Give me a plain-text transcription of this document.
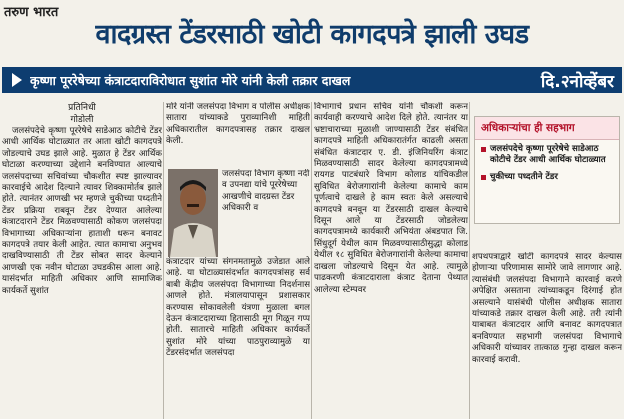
तरुण भारत
वादग्रस्त टेंडरसाठी खोटी कागदपत्रे झाली उघड
कृष्णा पूररेषेच्या कंत्राटदाराविरोधात सुशांत मोरे यांनी केली तक्रार दाखल	दि.२नोव्हेंबर
प्रतिनिधी
गोडोली

जलसंपदेचे कृष्णा पूररेषेचे साडेआठ कोटीचे टेंडर आधी आर्थिक घोटाळ्यात तर आता खोटी कागदपत्रे जोडल्याचे उघड झाले आहे. मुळात हे टेंडर आर्थिक घोटाळा करण्याच्या उद्देशाने बनविण्यात आल्याचे जलसंपदाच्या सचिवांच्या चौकशीत स्पष्ट झाल्यावर कारवाईचे आदेश दिल्याने त्यावर शिक्कामोर्तब झाले होते. त्यानंतर आणखी भर म्हणजे चुकीच्या पध्दतीने टेंडर प्रक्रिया राबवून टेंडर देण्यात आलेल्या कंत्राटदाराने टेंडर मिळवण्यासाठी कोकण जलसंपदा विभागाच्या अधिकाऱ्यांना हाताशी धरून बनावट कागदपत्रे तयार केली आहेत. त्यात कामाचा अनुभव दाखविण्यासाठी ती टेंडर सोबत सादर केल्याने आणखी एक नवीन घोटाळा उघडकीस आला आहे. यासंदर्भात माहिती अधिकार आणि सामाजिक कार्यकर्ते सुशांत

मोरे यांनी जलसंपदा विभाग व पोलीस अधीक्षक सातारा यांच्याकडे पुराव्यानिशी माहिती अधिकारातील कागदपत्रासह तक्रार दाखल केली.

कंत्राटदार यांच्या संगनमतामुळे उजेडात आले आहे. या घोटाळ्यासंदर्भात कागदपत्रांसह सर्व बाबी केंद्रीय जलसंपदा विभागाच्या निदर्शनास आणले होते. मंत्रालयापासून प्रशासकार करण्यास सोकावलेली यंत्रणा मुळाला बगल देऊन कंत्राटदाराच्या हितासाठी मूग गिळून गप्प होती. सातारचे माहिती अधिकार कार्यकर्ते सुशांत मोरे यांच्या पाठपुराव्यामुळे या टेंडरसंदर्भात जलसंपदा

जलसंपदा विभाग कृष्णा नदी व उपनद्या यांचे पूररेषेच्या आखणीचे वादग्रस्त टेंडर अधिकारी व

विभागाचे प्रधान सचिव यांनी चौकशी करून कार्यवाही करण्याचे आदेश दिले होते. त्यानंतर या भ्रष्टाचाराच्या मुळाशी जाण्यासाठी टेंडर संबंधित कागदपत्रे माहिती अधिकारातंर्गत काढली असता संबंधित कंत्राटदार ए. डी. इंजिनियरिंग कंत्राट मिळवण्यासाठी सादर केलेल्या कागदपत्रामध्ये रायगड पाटबंधारे विभाग कोलाड यांचिकडील सुविधित बेरोजगाराांनी केलेल्या कामाचे काम पूर्णत्वाचे दाखले हे काम स्वतः केले असल्याचे कागदपत्रे बनवून या टेंडरसाठी दाखल केल्याचे दिसून आले या टेंडरसाठी जोडलेल्या कागदपत्रामध्ये कार्यकारी अभियंता अंबडपात जि. सिंधुदूर्ग येथील काम मिळवण्यासाठीसुद्धा कोलाड येथील १८ सुविधित बेरोजगाराांनी केलेल्या कामाचा दाखला जोडल्याचे दिसून येत आहे. त्यामुळे पाढकरणी कंत्राटदाराला कंत्राट देताना पेथ्यात आलेल्या स्टेम्पवर

अधिकाऱ्यांचा ही सहभाग
जलसंपदेचे कृष्णा पूररेषेचे साडेआठ कोटीचे टेंडर आधी आर्थिक घोटाळ्यात
चुकीच्या पध्दतीने टेंडर

शपथपत्राद्वारे खोटी कागदपत्रे सादर केल्यास होणाऱ्या परिणामास सामोरे जावे लागणार आहे. त्यासंबंधी जलसंपदा विभागाने कारवाई करणे अपेक्षित असताना त्यांच्याकडून दिरंगाई होत असल्याने यासंबंधी पोलीस अधीक्षक सातारा यांच्याकडे तक्रार दाखल केली आहे. तरी त्यांनी याबाबत कंत्राटदार आणि बनावट कागदपत्रात बनविण्यात सहभागी जलसंपदा विभागाचे अधिकारी यांच्यावर तात्काळ गुन्हा दाखल करून कारवाई करावी.
